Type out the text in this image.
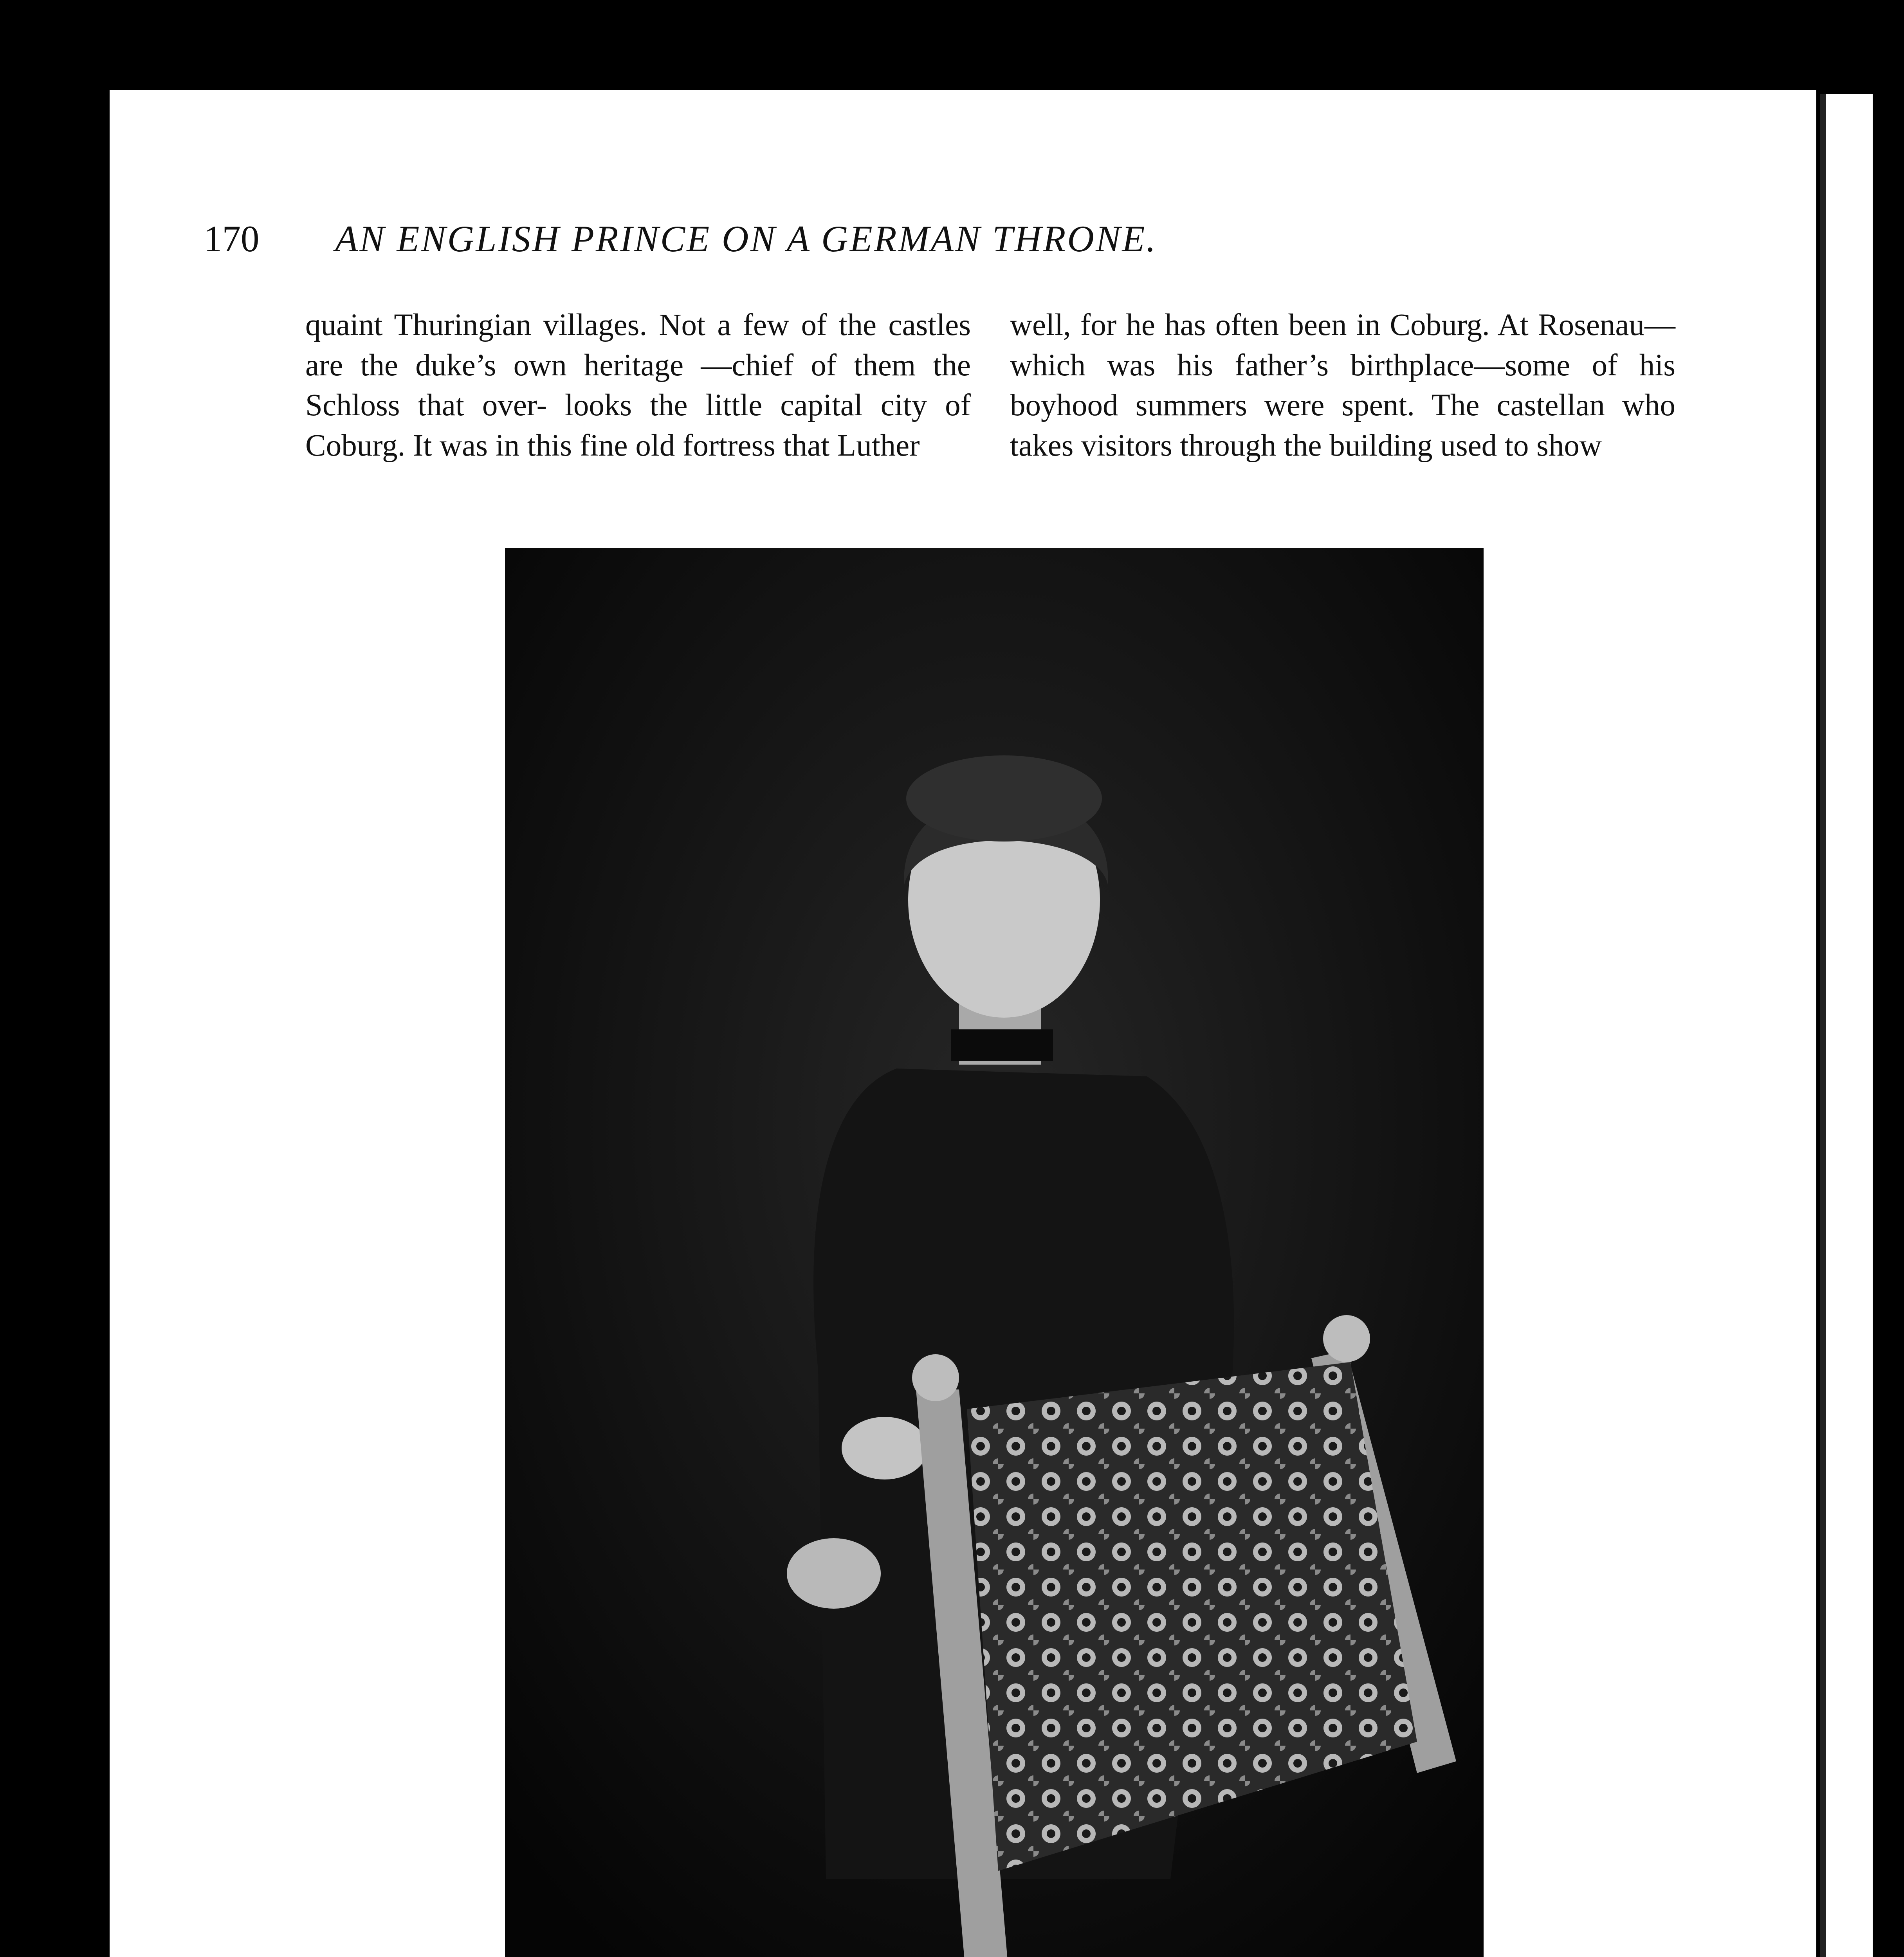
170 AN ENGLISH PRINCE ON A GERMAN THRONE.

quaint Thuringian villages. Not a few of the castles are the duke’s own heritage —chief of them the Schloss that over- looks the little capital city of Coburg. It was in this fine old fortress that Luther

well, for he has often been in Coburg. At Rosenau—which was his father’s birthplace—some of his boyhood summers were spent. The castellan who takes visitors through the building used to show
